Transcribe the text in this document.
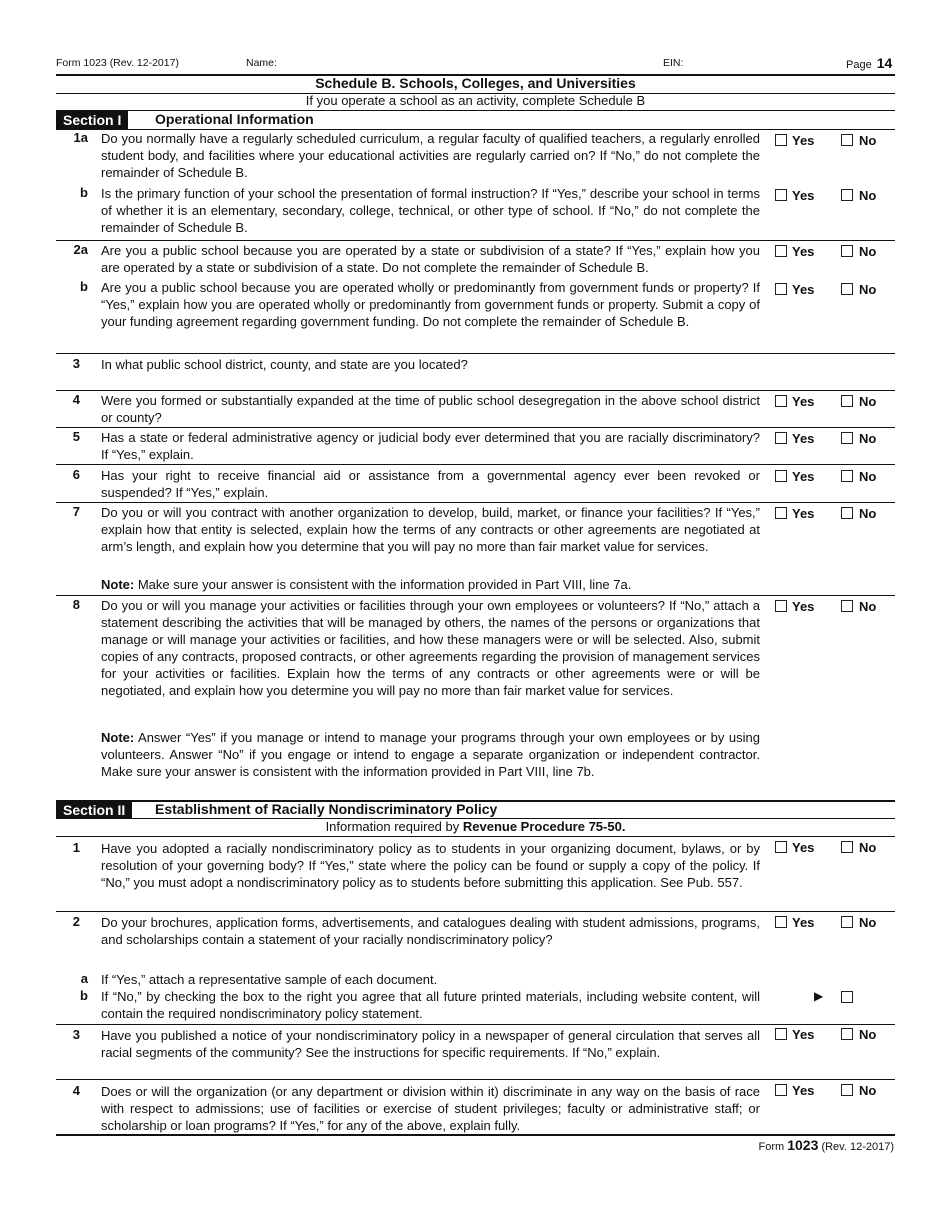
Form 1023 (Rev. 12-2017)	Name:	EIN:	Page 14
Schedule B. Schools, Colleges, and Universities
If you operate a school as an activity, complete Schedule B
Section I	Operational Information
1a Do you normally have a regularly scheduled curriculum, a regular faculty of qualified teachers, a regularly enrolled student body, and facilities where your educational activities are regularly carried on? If “No,” do not complete the remainder of Schedule B.
Yes	No
b Is the primary function of your school the presentation of formal instruction? If “Yes,” describe your school in terms of whether it is an elementary, secondary, college, technical, or other type of school. If “No,” do not complete the remainder of Schedule B.
Yes	No
2a Are you a public school because you are operated by a state or subdivision of a state? If “Yes,” explain how you are operated by a state or subdivision of a state. Do not complete the remainder of Schedule B.
Yes	No
b Are you a public school because you are operated wholly or predominantly from government funds or property? If “Yes,” explain how you are operated wholly or predominantly from government funds or property. Submit a copy of your funding agreement regarding government funding. Do not complete the remainder of Schedule B.
Yes	No
3 In what public school district, county, and state are you located?
4 Were you formed or substantially expanded at the time of public school desegregation in the above school district or county?
Yes	No
5 Has a state or federal administrative agency or judicial body ever determined that you are racially discriminatory? If “Yes,” explain.
Yes	No
6 Has your right to receive financial aid or assistance from a governmental agency ever been revoked or suspended? If “Yes,” explain.
Yes	No
7 Do you or will you contract with another organization to develop, build, market, or finance your facilities? If “Yes,” explain how that entity is selected, explain how the terms of any contracts or other agreements are negotiated at arm’s length, and explain how you determine that you will pay no more than fair market value for services.
Yes	No
Note: Make sure your answer is consistent with the information provided in Part VIII, line 7a.
8 Do you or will you manage your activities or facilities through your own employees or volunteers? If “No,” attach a statement describing the activities that will be managed by others, the names of the persons or organizations that manage or will manage your activities or facilities, and how these managers were or will be selected. Also, submit copies of any contracts, proposed contracts, or other agreements regarding the provision of management services for your activities or facilities. Explain how the terms of any contracts or other agreements were or will be negotiated, and explain how you determine you will pay no more than fair market value for services.
Yes	No
Note: Answer “Yes” if you manage or intend to manage your programs through your own employees or by using volunteers. Answer “No” if you engage or intend to engage a separate organization or independent contractor. Make sure your answer is consistent with the information provided in Part VIII, line 7b.
Section II	Establishment of Racially Nondiscriminatory Policy
Information required by Revenue Procedure 75-50.
1 Have you adopted a racially nondiscriminatory policy as to students in your organizing document, bylaws, or by resolution of your governing body? If “Yes,” state where the policy can be found or supply a copy of the policy. If “No,” you must adopt a nondiscriminatory policy as to students before submitting this application. See Pub. 557.
Yes	No
2 Do your brochures, application forms, advertisements, and catalogues dealing with student admissions, programs, and scholarships contain a statement of your racially nondiscriminatory policy?
Yes	No
a If “Yes,” attach a representative sample of each document.
b If “No,” by checking the box to the right you agree that all future printed materials, including website content, will contain the required nondiscriminatory policy statement.
▶
3 Have you published a notice of your nondiscriminatory policy in a newspaper of general circulation that serves all racial segments of the community? See the instructions for specific requirements. If “No,” explain.
Yes	No
4 Does or will the organization (or any department or division within it) discriminate in any way on the basis of race with respect to admissions; use of facilities or exercise of student privileges; faculty or administrative staff; or scholarship or loan programs? If “Yes,” for any of the above, explain fully.
Yes	No
Form 1023 (Rev. 12-2017)
